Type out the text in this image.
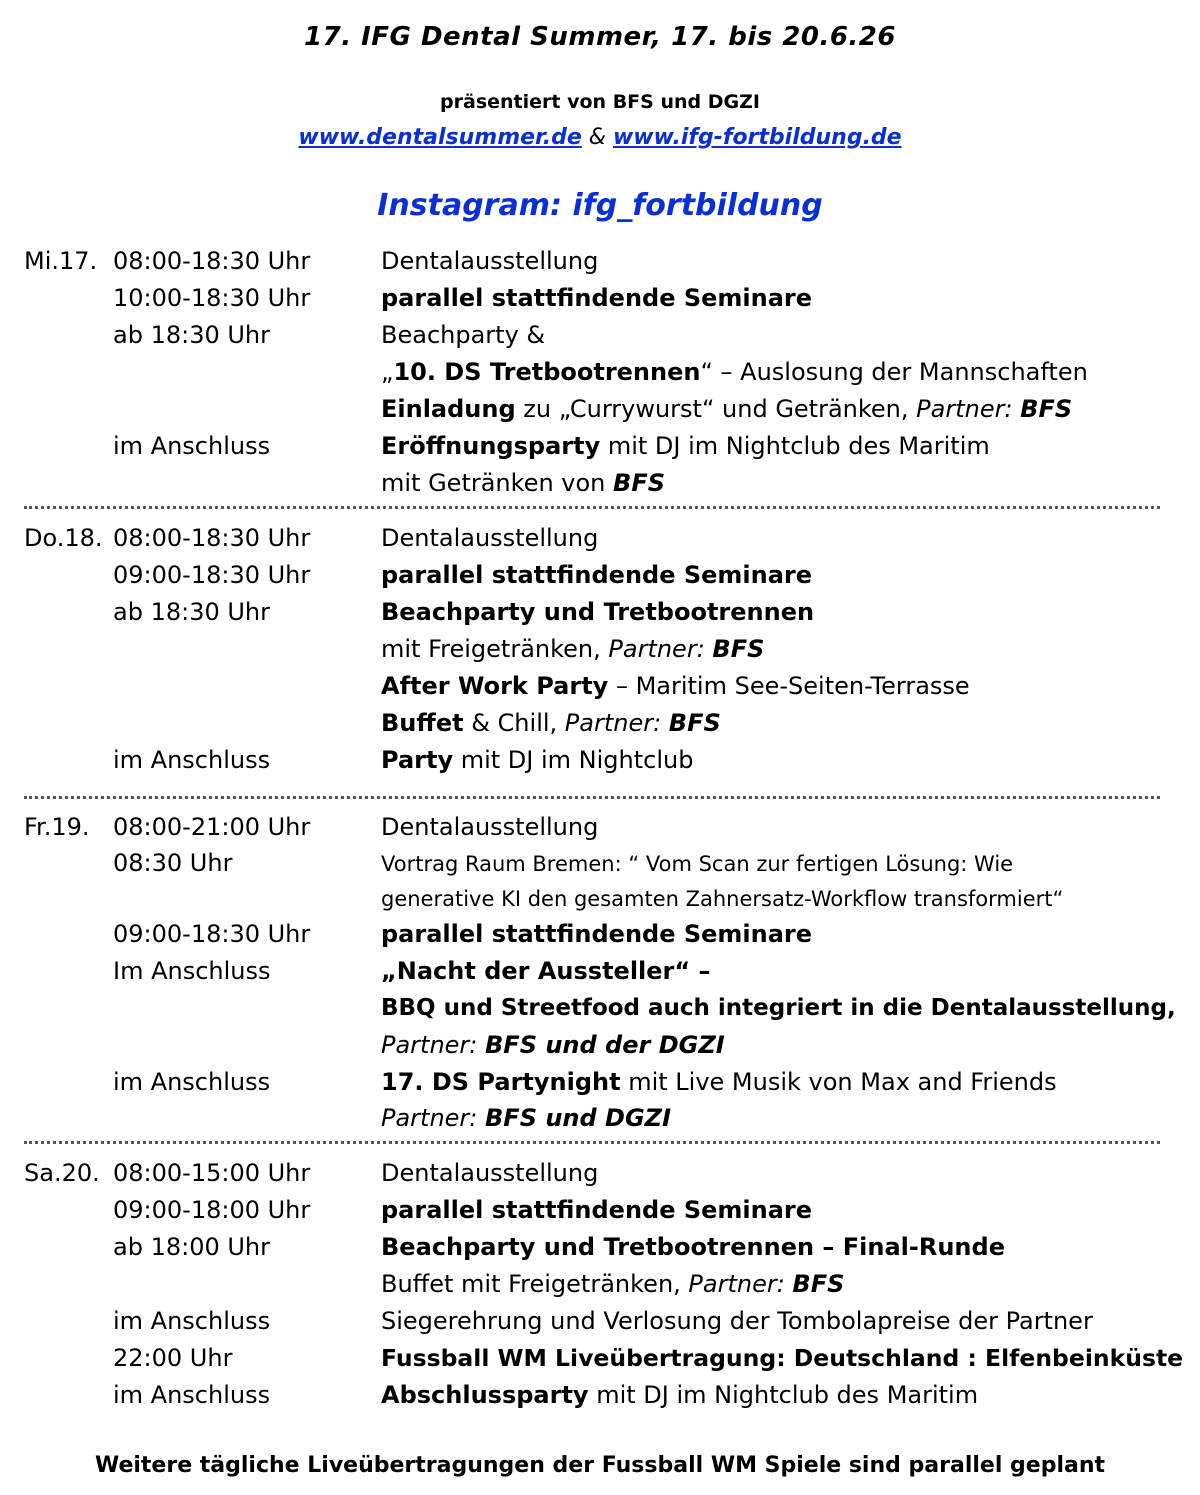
17. IFG Dental Summer, 17. bis 20.6.26
präsentiert von BFS und DGZI
www.dentalsummer.de & www.ifg-fortbildung.de
Instagram: ifg_fortbildung
Mi.17. 08:00-18:30 Uhr	Dentalausstellung
10:00-18:30 Uhr	parallel stattfindende Seminare
ab 18:30 Uhr	Beachparty &
„10. DS Tretbootrennen“ – Auslosung der Mannschaften
Einladung zu „Currywurst“ und Getränken, Partner: BFS
im Anschluss	Eröffnungsparty mit DJ im Nightclub des Maritim
mit Getränken von BFS
Do.18. 08:00-18:30 Uhr	Dentalausstellung
09:00-18:30 Uhr	parallel stattfindende Seminare
ab 18:30 Uhr	Beachparty und Tretbootrennen
mit Freigetränken, Partner: BFS
After Work Party – Maritim See-Seiten-Terrasse
Buffet & Chill, Partner: BFS
im Anschluss	Party mit DJ im Nightclub
Fr.19. 08:00-21:00 Uhr	Dentalausstellung
08:30 Uhr	Vortrag Raum Bremen: “ Vom Scan zur fertigen Lösung: Wie
generative KI den gesamten Zahnersatz-Workflow transformiert“
09:00-18:30 Uhr	parallel stattfindende Seminare
Im Anschluss	„Nacht der Aussteller“ –
BBQ und Streetfood auch integriert in die Dentalausstellung,
Partner: BFS und der DGZI
im Anschluss	17. DS Partynight mit Live Musik von Max and Friends
Partner: BFS und DGZI
Sa.20. 08:00-15:00 Uhr	Dentalausstellung
09:00-18:00 Uhr	parallel stattfindende Seminare
ab 18:00 Uhr	Beachparty und Tretbootrennen – Final-Runde
Buffet mit Freigetränken, Partner: BFS
im Anschluss	Siegerehrung und Verlosung der Tombolapreise der Partner
22:00 Uhr	Fussball WM Liveübertragung: Deutschland : Elfenbeinküste
im Anschluss	Abschlussparty mit DJ im Nightclub des Maritim
Weitere tägliche Liveübertragungen der Fussball WM Spiele sind parallel geplant
